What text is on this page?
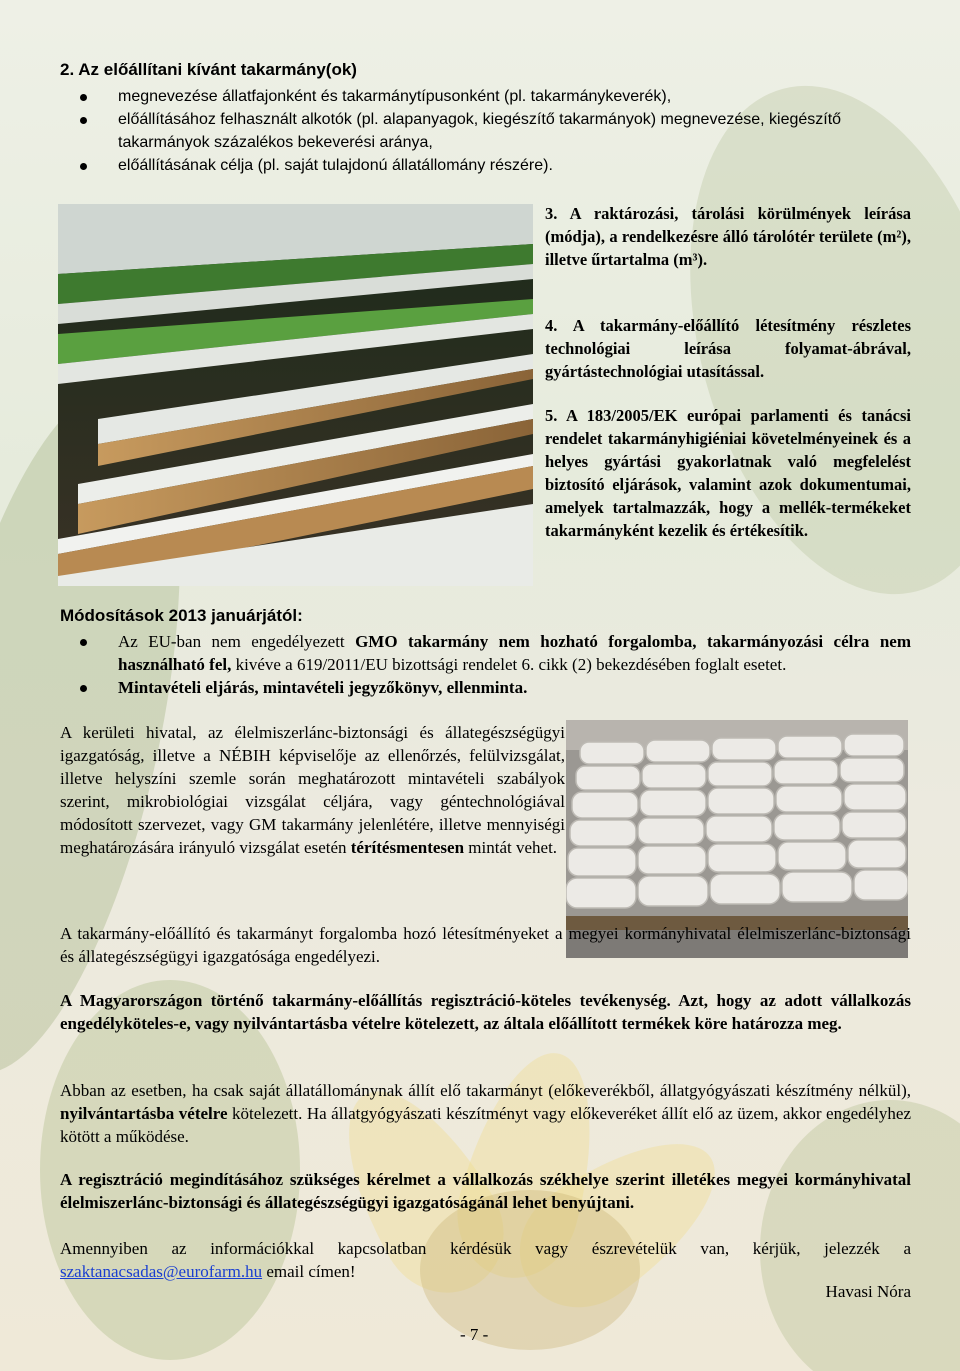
2. Az előállítani kívánt takarmány(ok)
megnevezése állatfajonként és takarmánytípusonként (pl. takarmánykeverék),
előállításához felhasznált alkotók (pl. alapanyagok, kiegészítő takarmányok) megnevezése, kiegészítő takarmányok százalékos bekeverési aránya,
előállításának célja (pl. saját tulajdonú állatállomány részére).
3. A raktározási, tárolási körülmények leírása (módja), a rendelkezésre álló tárolótér területe (m²), illetve űrtartalma (m³).
4. A takarmány-előállító létesítmény részletes technológiai leírása folyamat-ábrával, gyártástechnológiai utasítással.
5. A 183/2005/EK európai parlamenti és tanácsi rendelet takarmányhigiéniai követelményeinek és a helyes gyártási gyakorlatnak való megfelelést biztosító eljárások, valamint azok dokumentumai, amelyek tartalmazzák, hogy a mellék-termékeket takarmányként kezelik és értékesítik.
Módosítások 2013 januárjától:
Az EU-ban nem engedélyezett GMO takarmány nem hozható forgalomba, takarmányozási célra nem használható fel, kivéve a 619/2011/EU bizottsági rendelet 6. cikk (2) bekezdésében foglalt esetet.
Mintavételi eljárás, mintavételi jegyzőkönyv, ellenminta.

A kerületi hivatal, az élelmiszerlánc-biztonsági és állategészségügyi igazgatóság, illetve a NÉBIH képviselője az ellenőrzés, felülvizsgálat, illetve helyszíni szemle során meghatározott mintavételi szabályok szerint, mikrobiológiai vizsgálat céljára, vagy géntechnológiával módosított szervezet, vagy GM takarmány jelenlétére, illetve mennyiségi meghatározására irányuló vizsgálat esetén térítésmentesen mintát vehet.

A takarmány-előállító és takarmányt forgalomba hozó létesítményeket a megyei kormányhivatal élelmiszerlánc-biztonsági és állategészségügyi igazgatósága engedélyezi.

A Magyarországon történő takarmány-előállítás regisztráció-köteles tevékenység. Azt, hogy az adott vállalkozás engedélyköteles-e, vagy nyilvántartásba vételre kötelezett, az általa előállított termékek köre határozza meg.

Abban az esetben, ha csak saját állatállománynak állít elő takarmányt (előkeverékből, állatgyógyászati készítmény nélkül), nyilvántartásba vételre kötelezett. Ha állatgyógyászati készítményt vagy előkeveréket állít elő az üzem, akkor engedélyhez kötött a működése.

A regisztráció megindításához szükséges kérelmet a vállalkozás székhelye szerint illetékes megyei kormányhivatal élelmiszerlánc-biztonsági és állategészségügyi igazgatóságánál lehet benyújtani.

Amennyiben az információkkal kapcsolatban kérdésük vagy észrevételük van, kérjük, jelezzék a szaktanacsadas@eurofarm.hu email címen!

Havasi Nóra
- 7 -
